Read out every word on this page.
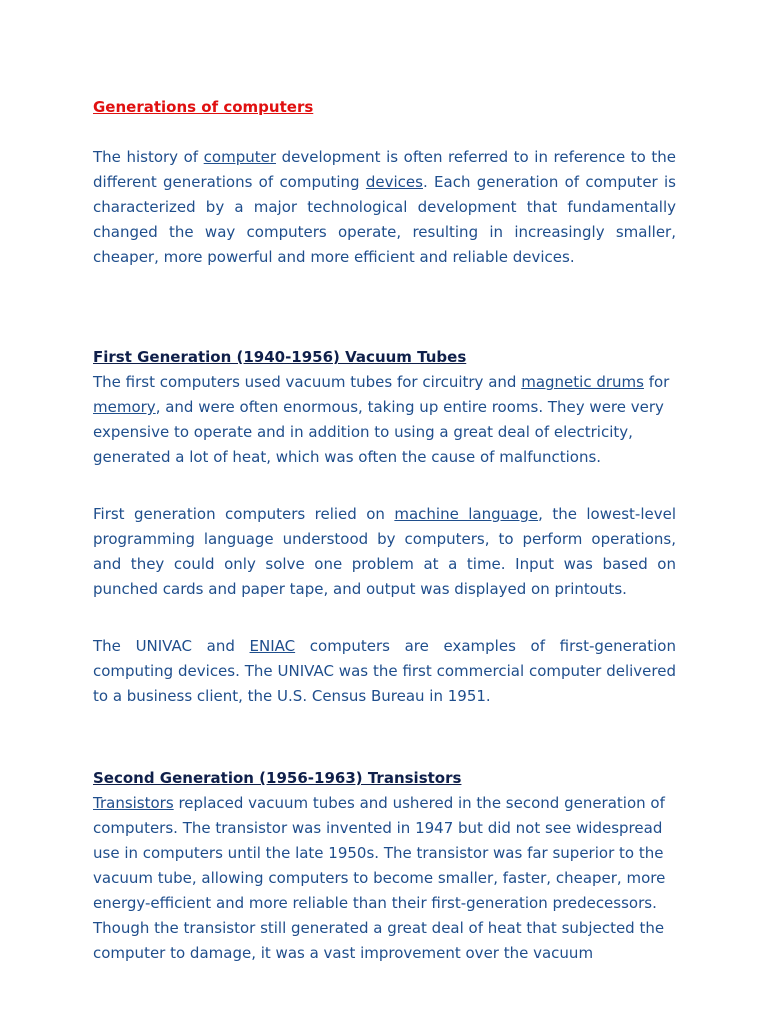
Generations of computers

The history of computer development is often referred to in reference to the different generations of computing devices. Each generation of computer is characterized by a major technological development that fundamentally changed the way computers operate, resulting in increasingly smaller, cheaper, more powerful and more efficient and reliable devices.

First Generation (1940-1956) Vacuum Tubes

The first computers used vacuum tubes for circuitry and magnetic drums for memory, and were often enormous, taking up entire rooms. They were very expensive to operate and in addition to using a great deal of electricity, generated a lot of heat, which was often the cause of malfunctions.

First generation computers relied on machine language, the lowest-level programming language understood by computers, to perform operations, and they could only solve one problem at a time. Input was based on punched cards and paper tape, and output was displayed on printouts.

The UNIVAC and ENIAC computers are examples of first-generation computing devices. The UNIVAC was the first commercial computer delivered to a business client, the U.S. Census Bureau in 1951.

Second Generation (1956-1963) Transistors

Transistors replaced vacuum tubes and ushered in the second generation of computers. The transistor was invented in 1947 but did not see widespread use in computers until the late 1950s. The transistor was far superior to the vacuum tube, allowing computers to become smaller, faster, cheaper, more energy-efficient and more reliable than their first-generation predecessors. Though the transistor still generated a great deal of heat that subjected the computer to damage, it was a vast improvement over the vacuum
